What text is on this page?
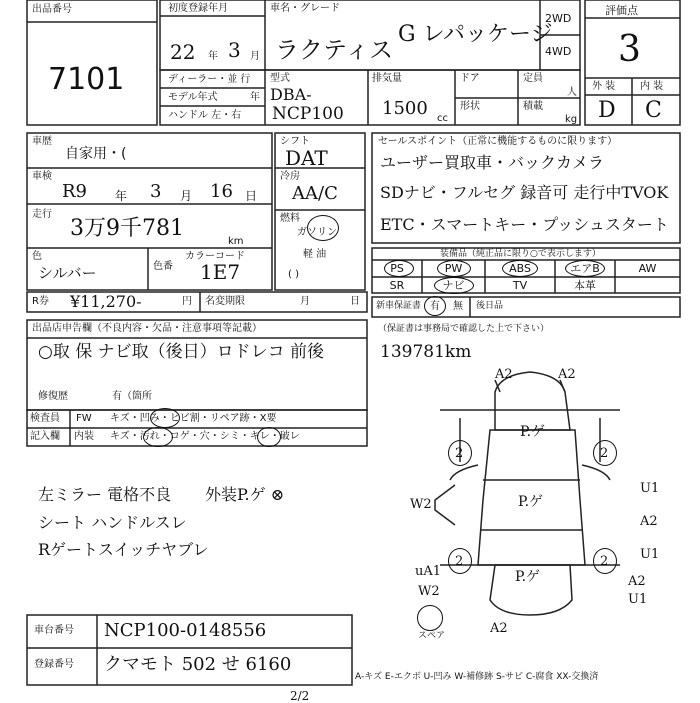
出品番号
7101
初度登録年月
22 年 3 月
車名・グレード
ラクティス
G レパッケージ
2WD
4WD
評価点
3
外 装 内 装
D C
ディーラー・並 行
モデル年式	年
ハンドル 左・右
型式
DBA-
NCP100
排気量
1500 cc
ドア	定員
人
形状	積載
kg
車歴
自家用・(
車検
R9 年 3 月 16 日
走行
3万9千781
km
色
シルバー	色番 1E7
カラーコード
シフト
DAT
冷房
AA/C
燃料
ガソリン
軽 油
( )
セールスポイント（正常に機能するものに限ります）
ユーザー買取車・バックカメラ
SDナビ・フルセグ 録音可 走行中TVOK
ETC・スマートキー・プッシュスタート
装備品（純正品に限り○で表示します）
PS	PW	ABS	エアB	AW
SR	ナビ	TV	本革
R券 ¥11,270-	円 名変期限	月	日 新車保証書 有 無 後日品
（保証書は事務局で確認した上で下さい）
出品店申告欄（不良内容・欠品・注意事項等記載）
○取 保 ナビ取（後日）ロドレコ 前後	139781km
修復歴	有（箇所
検査員
記入欄
FW キズ・凹み・ヒビ割・リペア跡・X要
内装 キズ・汚れ・コゲ・穴・シミ・キレ・破レ
左ミラー 電格不良
シート ハンドルスレ
Rゲートスイッチヤブレ
外装P.ゲ ⊗
A2	A2
P.ゲ
P.ゲ
P.ゲ
W2
U1
A2
U1
uA1
W2
A2
U1
A2
スペア
2	2
2	2
車台番号 NCP100-0148556
登録番号 クマモト 502 せ 6160
A-キズ E-エクボ U-凹み W-補修跡 S-サビ C-腐食 XX-交換済
2/2
